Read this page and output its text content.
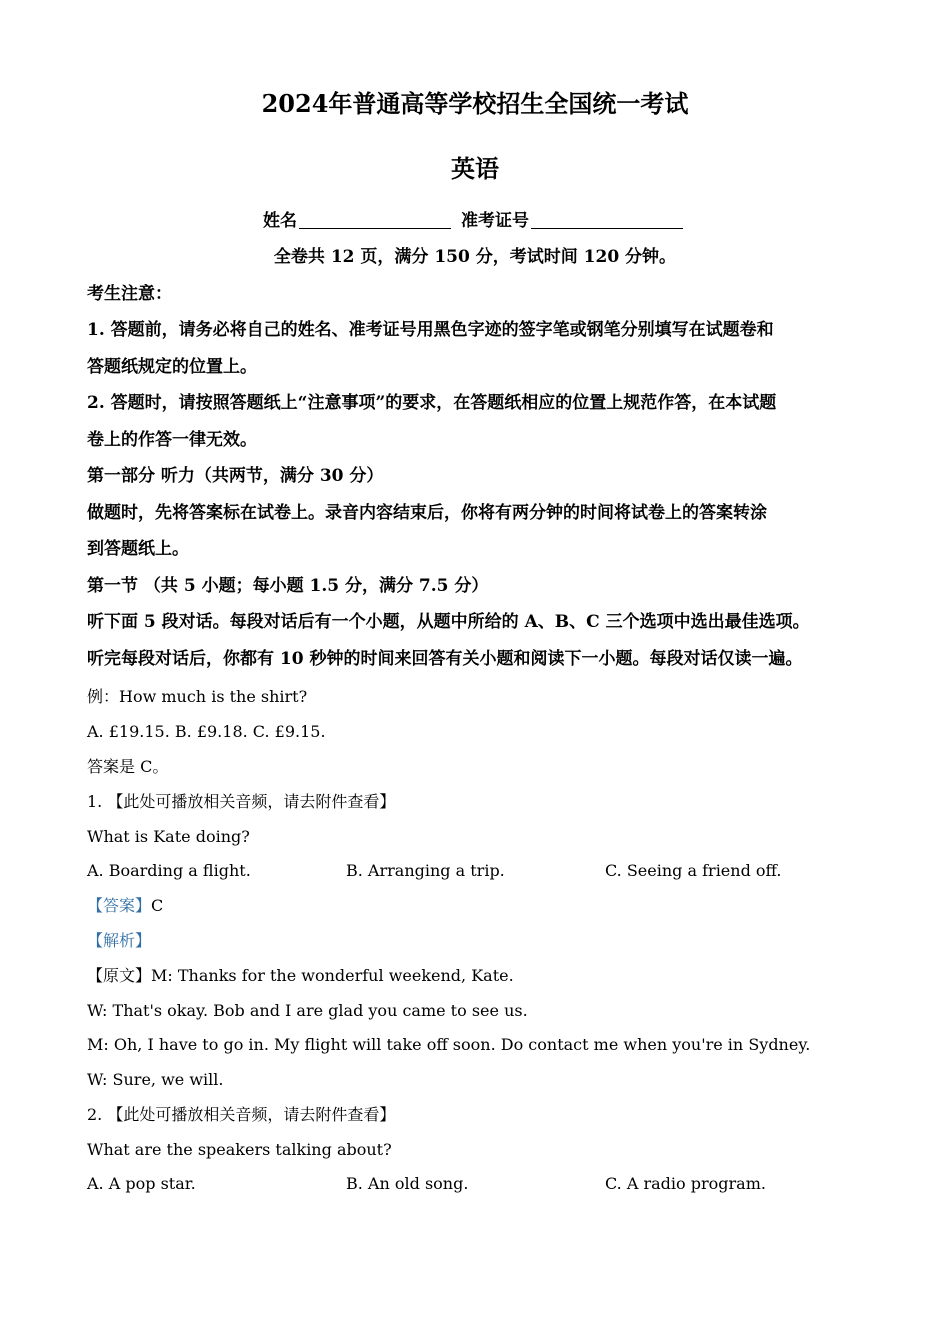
2024年普通高等学校招生全国统一考试
英语
姓名	准考证号
全卷共 12 页，满分 150 分，考试时间 120 分钟。
考生注意：
1. 答题前，请务必将自己的姓名、准考证号用黑色字迹的签字笔或钢笔分别填写在试题卷和
答题纸规定的位置上。
2. 答题时，请按照答题纸上“注意事项”的要求，在答题纸相应的位置上规范作答，在本试题
卷上的作答一律无效。
第一部分 听力（共两节，满分 30 分）
做题时，先将答案标在试卷上。录音内容结束后，你将有两分钟的时间将试卷上的答案转涂
到答题纸上。
第一节 （共 5 小题；每小题 1.5 分，满分 7.5 分）
听下面 5 段对话。每段对话后有一个小题，从题中所给的 A、B、C 三个选项中选出最佳选项。
听完每段对话后，你都有 10 秒钟的时间来回答有关小题和阅读下一小题。每段对话仅读一遍。
例：How much is the shirt?
A. £19.15. B. £9.18. C. £9.15.
答案是 C。
1. 【此处可播放相关音频，请去附件查看】
What is Kate doing?
A. Boarding a flight.	B. Arranging a trip.	C. Seeing a friend off.
【答案】C
【解析】
【原文】M: Thanks for the wonderful weekend, Kate.
W: That's okay. Bob and I are glad you came to see us.
M: Oh, I have to go in. My flight will take off soon. Do contact me when you're in Sydney.
W: Sure, we will.
2. 【此处可播放相关音频，请去附件查看】
What are the speakers talking about?
A. A pop star.	B. An old song.	C. A radio program.
